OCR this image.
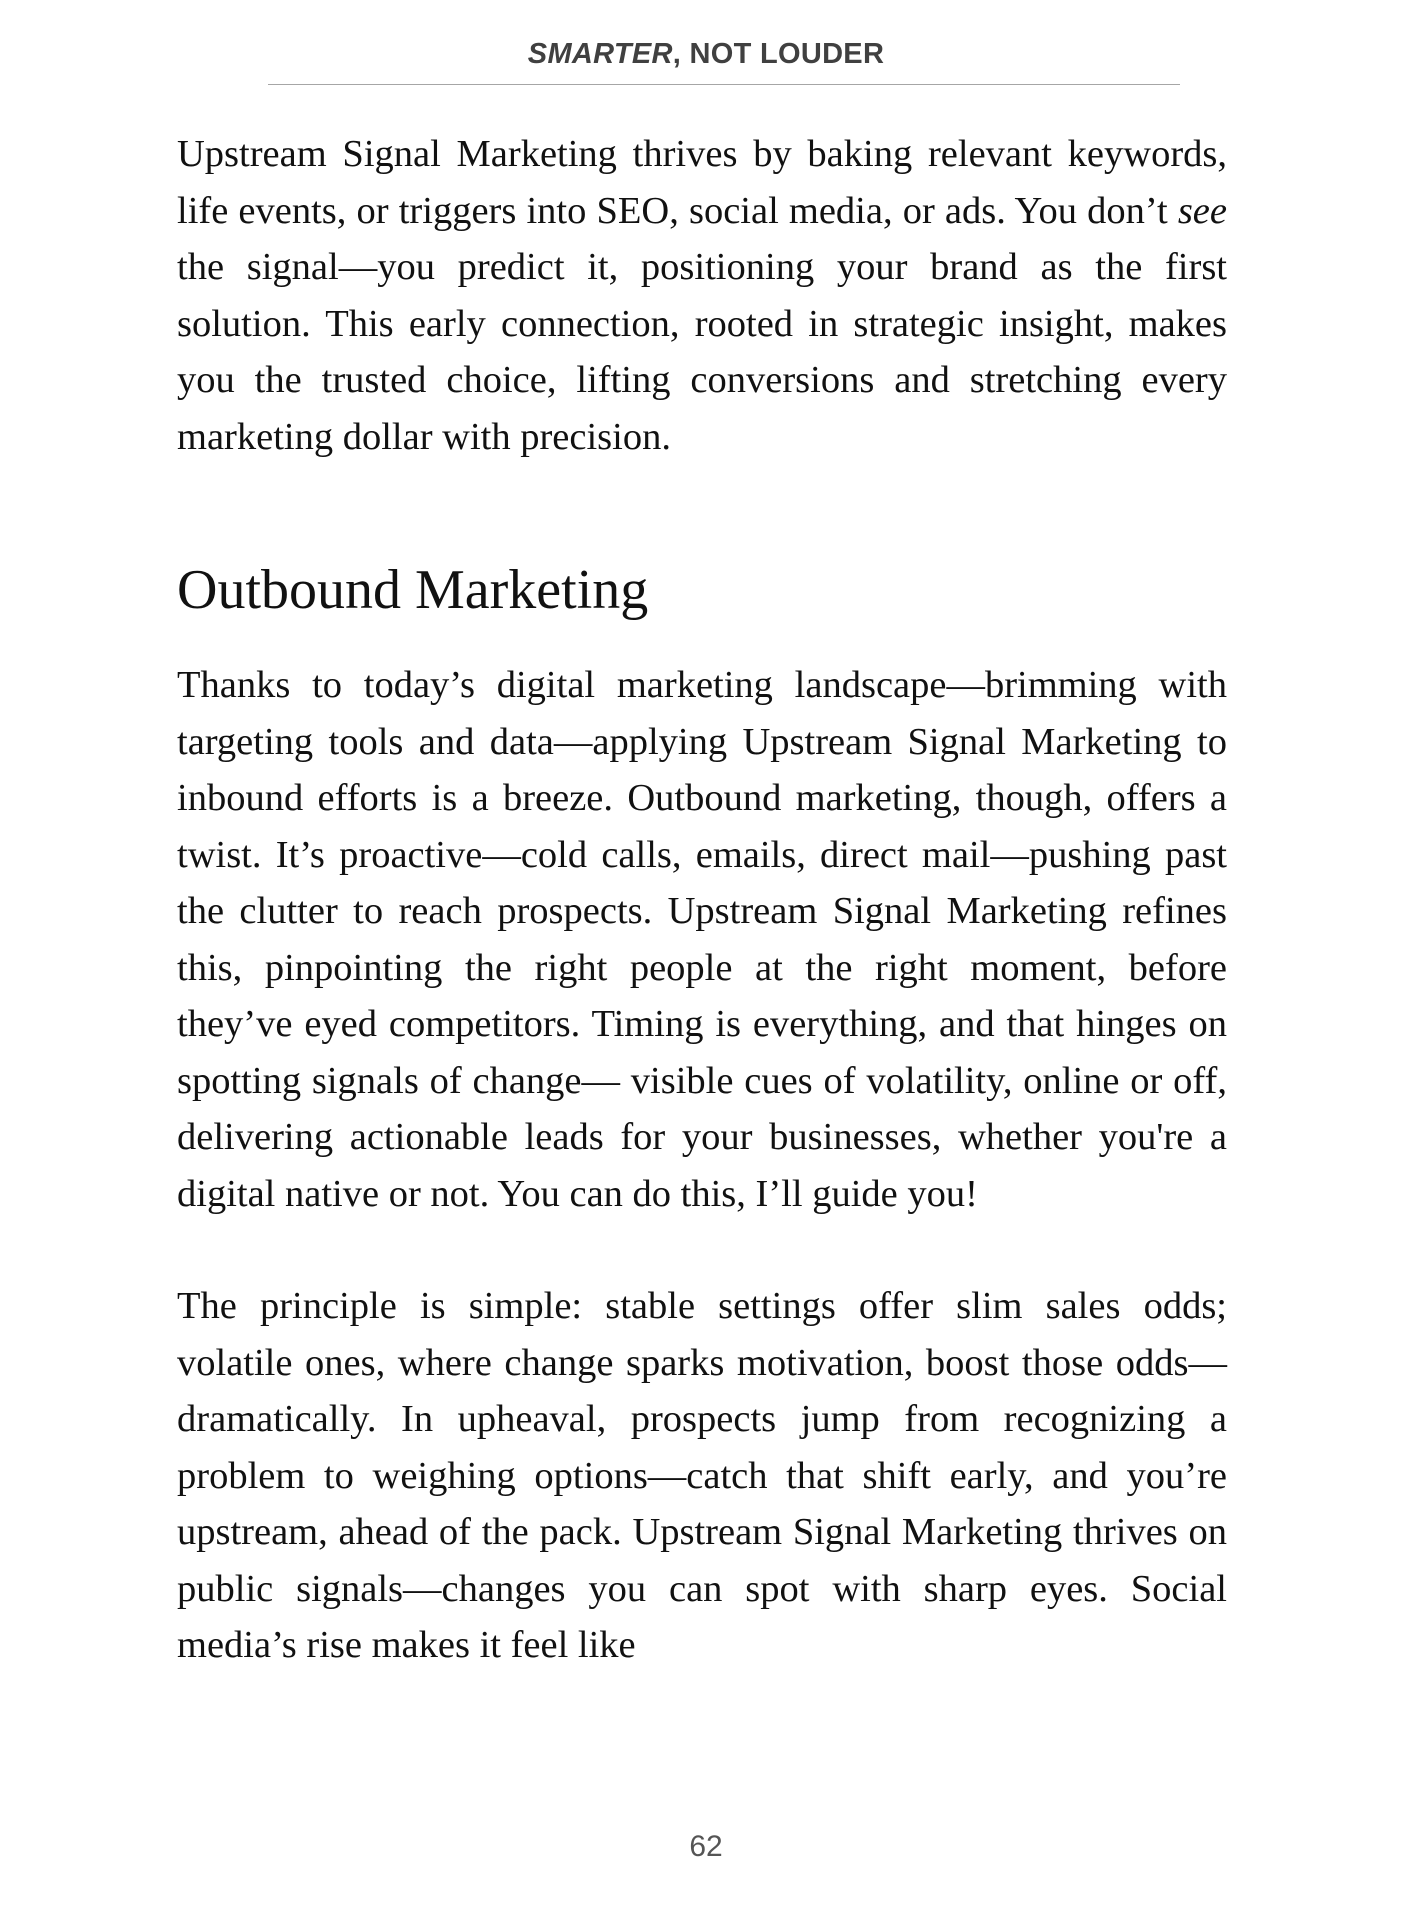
SMARTER, NOT LOUDER

Upstream Signal Marketing thrives by baking relevant keywords, life events, or triggers into SEO, social media, or ads. You don’t see the signal—you predict it, positioning your brand as the first solution. This early connection, rooted in strategic insight, makes you the trusted choice, lifting conversions and stretching every marketing dollar with precision.

Outbound Marketing

Thanks to today’s digital marketing landscape—brimming with targeting tools and data—applying Upstream Signal Marketing to inbound efforts is a breeze. Outbound marketing, though, offers a twist. It’s proactive—cold calls, emails, direct mail—pushing past the clutter to reach prospects. Upstream Signal Marketing refines this, pinpointing the right people at the right moment, before they’ve eyed competitors. Timing is everything, and that hinges on spotting signals of change— visible cues of volatility, online or off, delivering actionable leads for your businesses, whether you're a digital native or not. You can do this, I’ll guide you!

The principle is simple: stable settings offer slim sales odds; volatile ones, where change sparks motivation, boost those odds—dramatically. In upheaval, prospects jump from recognizing a problem to weighing options—catch that shift early, and you’re upstream, ahead of the pack. Upstream Signal Marketing thrives on public signals—changes you can spot with sharp eyes. Social media’s rise makes it feel like

62
